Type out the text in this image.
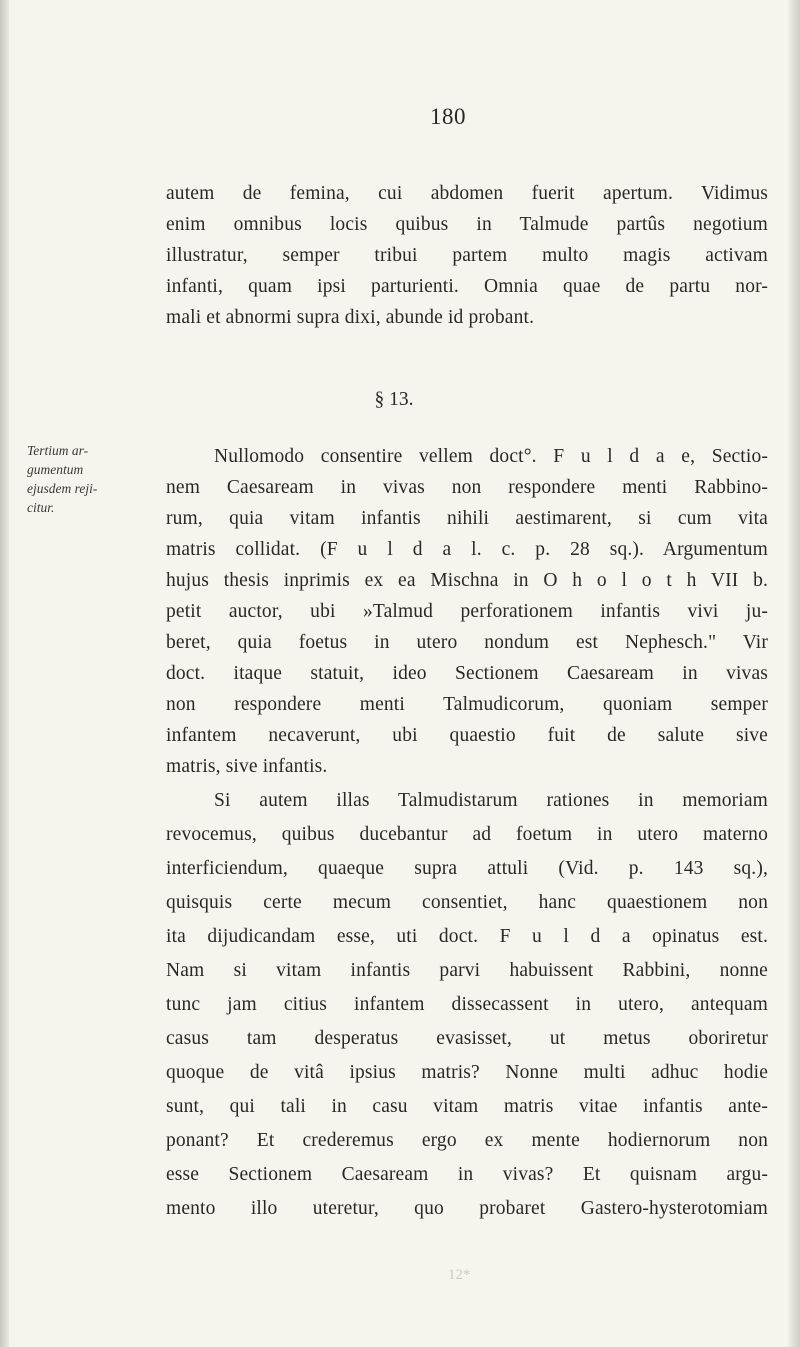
180
Tertium ar-
gumentum
ejusdem reji-
citur.
autem de femina, cui abdomen fuerit apertum. Vidimus
enim omnibus locis quibus in Talmude partûs negotium
illustratur, semper tribui partem multo magis activam
infanti, quam ipsi parturienti. Omnia quae de partu nor-
mali et abnormi supra dixi, abunde id probant.
§ 13.
Nullomodo consentire vellem doct°. F u l d a e, Sectio-
nem Caesaream in vivas non respondere menti Rabbino-
rum, quia vitam infantis nihili aestimarent, si cum vita
matris collidat. (F u l d a l. c. p. 28 sq.). Argumentum
hujus thesis inprimis ex ea Mischna in O h o l o t h VII b.
petit auctor, ubi »Talmud perforationem infantis vivi ju-
beret, quia foetus in utero nondum est Nephesch." Vir
doct. itaque statuit, ideo Sectionem Caesaream in vivas
non respondere menti Talmudicorum, quoniam semper
infantem necaverunt, ubi quaestio fuit de salute sive
matris, sive infantis.
Si autem illas Talmudistarum rationes in memoriam
revocemus, quibus ducebantur ad foetum in utero materno
interficiendum, quaeque supra attuli (Vid. p. 143 sq.),
quisquis certe mecum consentiet, hanc quaestionem non
ita dijudicandam esse, uti doct. F u l d a opinatus est.
Nam si vitam infantis parvi habuissent Rabbini, nonne
tunc jam citius infantem dissecassent in utero, antequam
casus tam desperatus evasisset, ut metus oboriretur
quoque de vitâ ipsius matris? Nonne multi adhuc hodie
sunt, qui tali in casu vitam matris vitae infantis ante-
ponant? Et crederemus ergo ex mente hodiernorum non
esse Sectionem Caesaream in vivas? Et quisnam argu-
mento illo uteretur, quo probaret Gastero-hysterotomiam
12*
